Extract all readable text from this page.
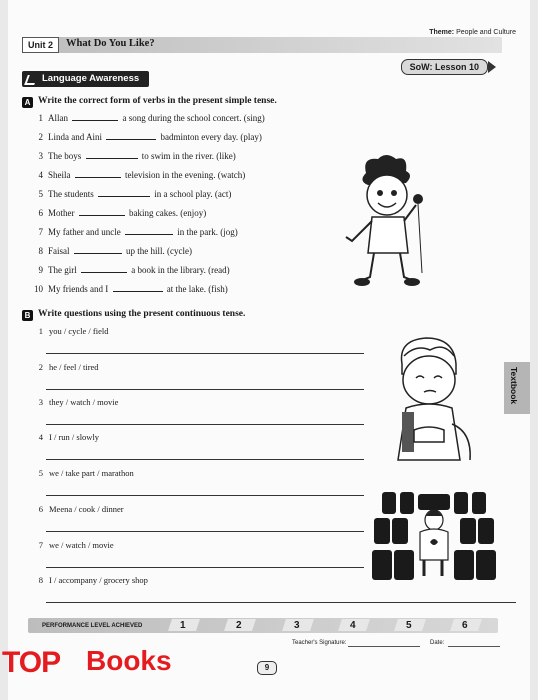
Theme: People and Culture
Unit 2	What Do You Like?
SoW: Lesson 10
Language Awareness
A Write the correct form of verbs in the present simple tense.
1 Allan	a song during the school concert. (sing)
2 Linda and Aini	badminton every day. (play)
3 The boys	to swim in the river. (like)
4 Sheila	television in the evening. (watch)
5 The students	in a school play. (act)
6 Mother	baking cakes. (enjoy)
7 My father and uncle	in the park. (jog)
8 Faisal	up the hill. (cycle)
9 The girl	a book in the library. (read)
10 My friends and I	at the lake. (fish)
B Write questions using the present continuous tense.
1 you / cycle / field
2 he / feel / tired
3 they / watch / movie
4 I / run / slowly
5 we / take part / marathon
6 Meena / cook / dinner
7 we / watch / movie
8 I / accompany / grocery shop
Textbook
PERFORMANCE LEVEL ACHIEVED	1	2	3	4	5	6
Teacher's Signature:	Date:
9
TOP Books
